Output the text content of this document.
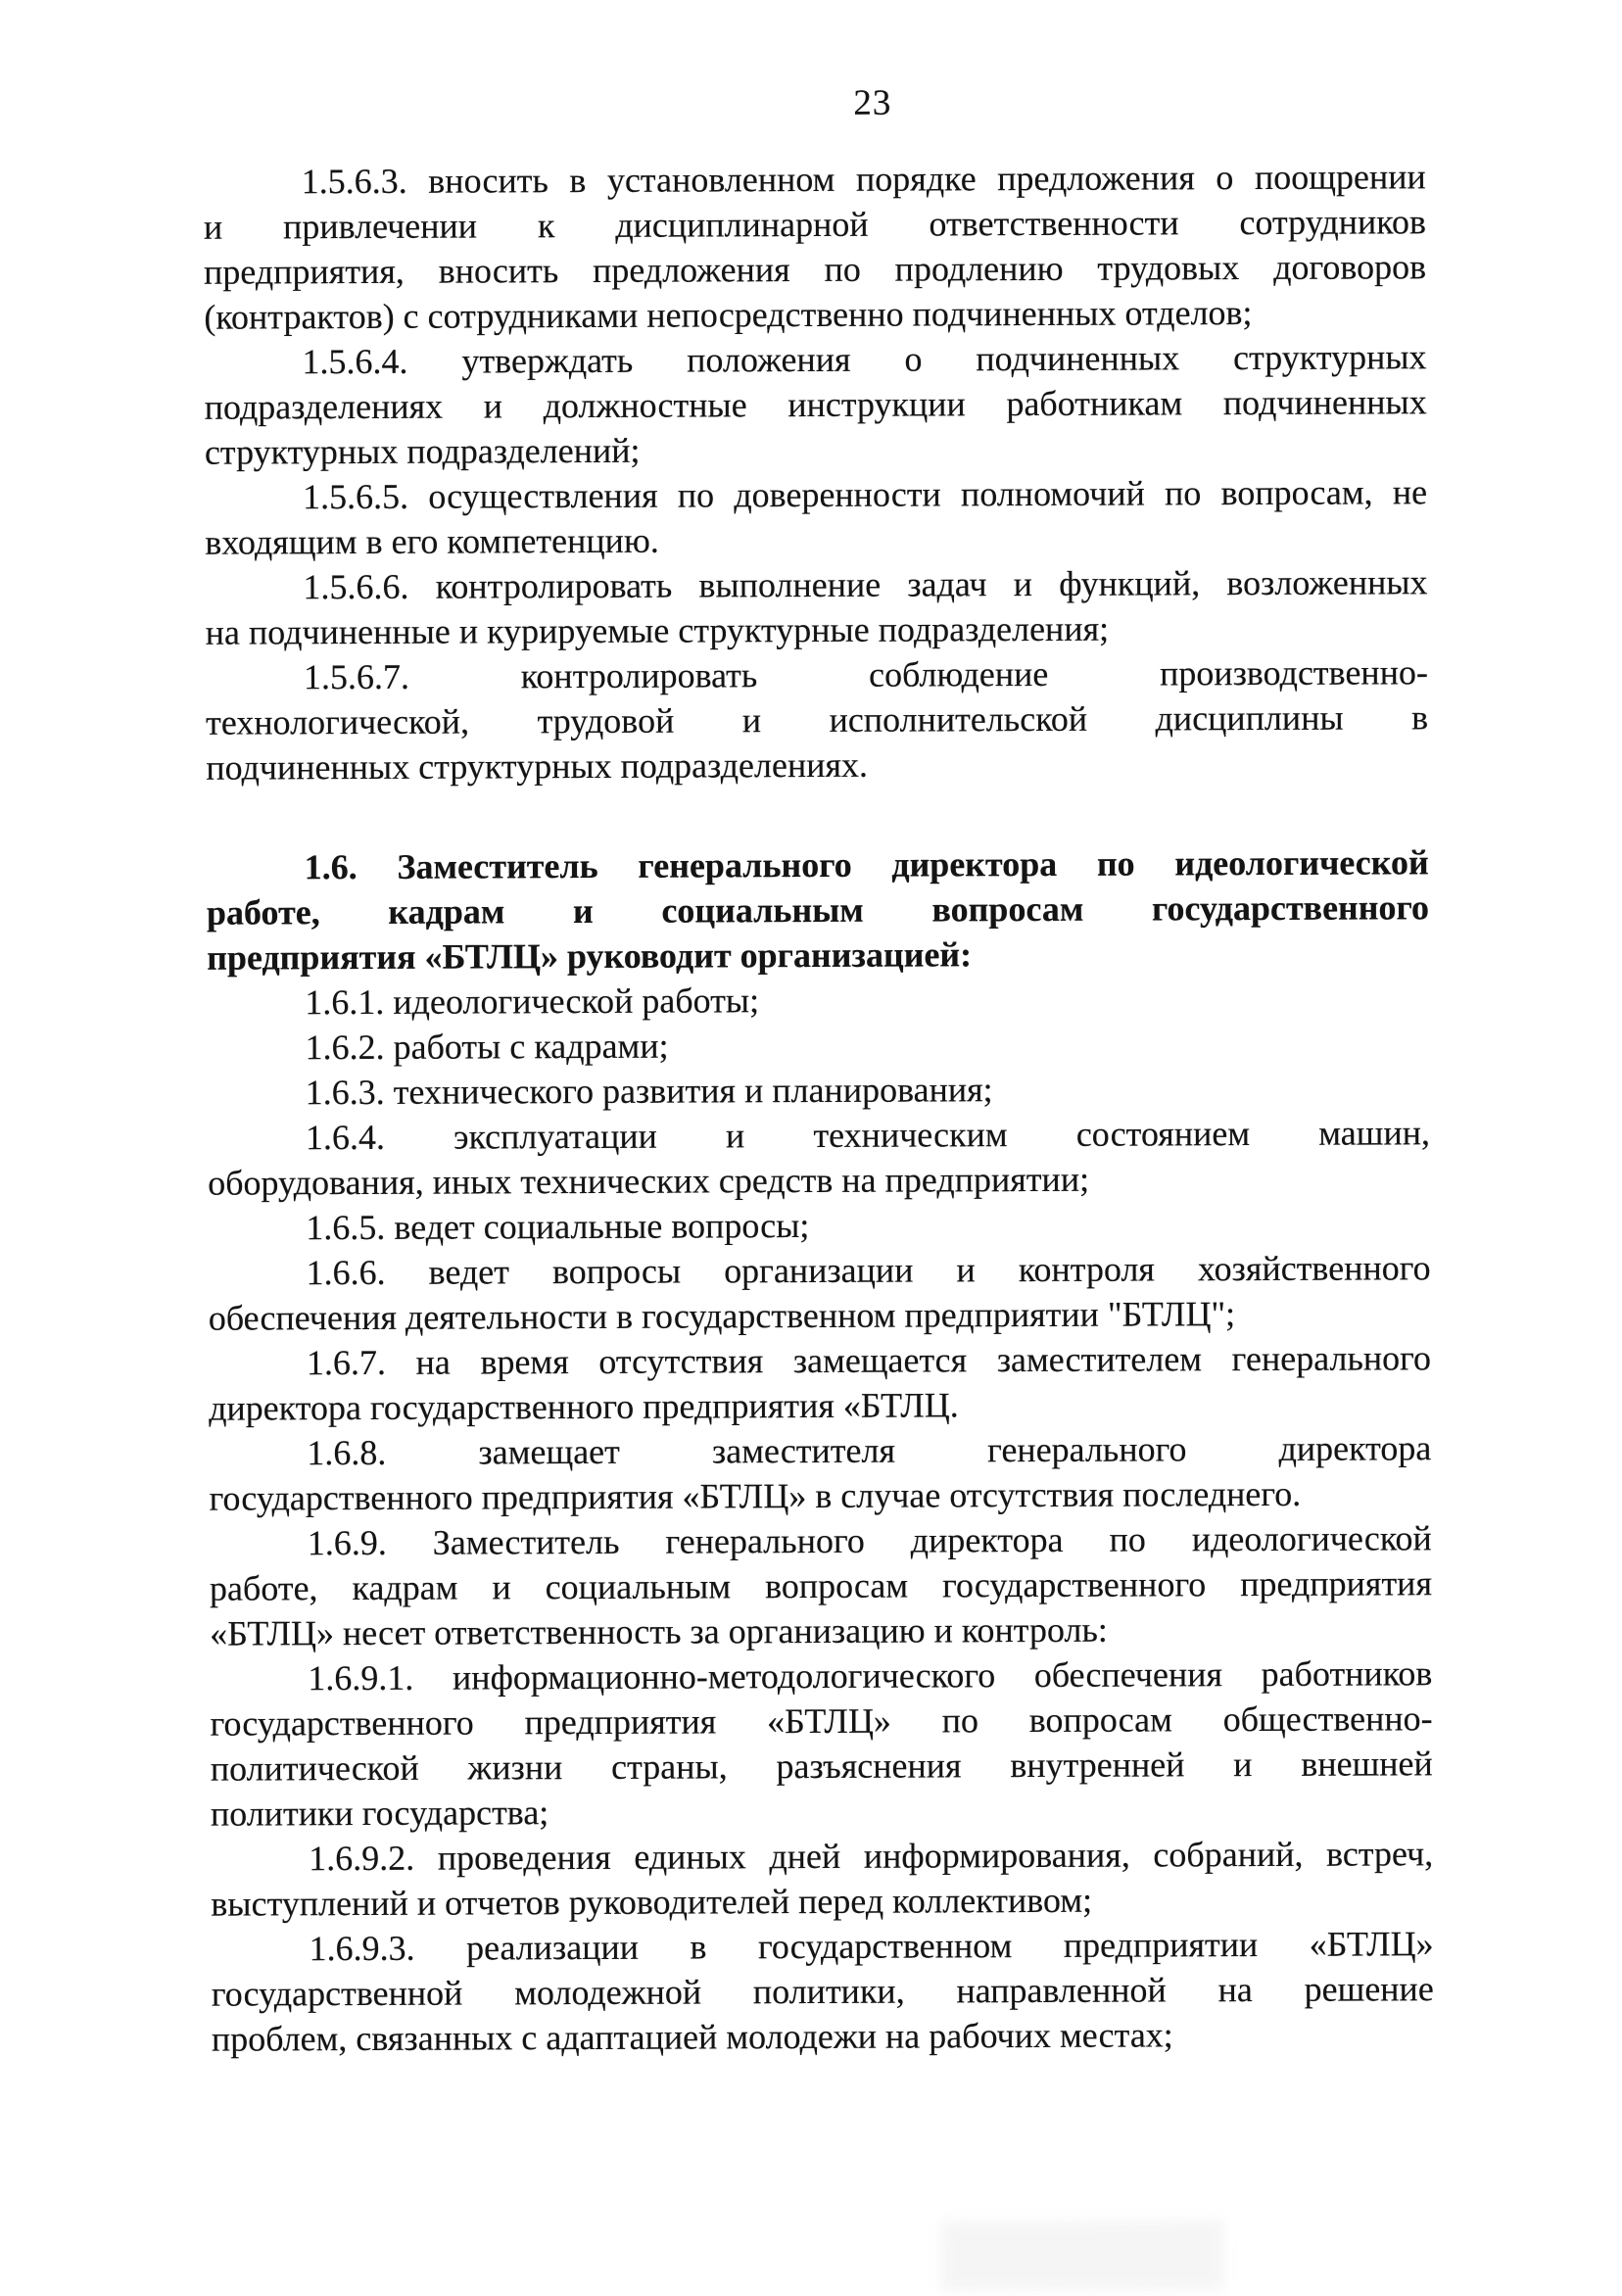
23
1.5.6.3. вносить в установленном порядке предложения о поощрении
и привлечении к дисциплинарной ответственности сотрудников
предприятия, вносить предложения по продлению трудовых договоров
(контрактов) с сотрудниками непосредственно подчиненных отделов;
1.5.6.4. утверждать положения о подчиненных структурных
подразделениях и должностные инструкции работникам подчиненных
структурных подразделений;
1.5.6.5. осуществления по доверенности полномочий по вопросам, не
входящим в его компетенцию.
1.5.6.6. контролировать выполнение задач и функций, возложенных
на подчиненные и курируемые структурные подразделения;
1.5.6.7. контролировать соблюдение производственно-
технологической, трудовой и исполнительской дисциплины в
подчиненных структурных подразделениях.
1.6. Заместитель генерального директора по идеологической
работе, кадрам и социальным вопросам государственного
предприятия «БТЛЦ» руководит организацией:
1.6.1. идеологической работы;
1.6.2. работы с кадрами;
1.6.3. технического развития и планирования;
1.6.4. эксплуатации и техническим состоянием машин,
оборудования, иных технических средств на предприятии;
1.6.5. ведет социальные вопросы;
1.6.6. ведет вопросы организации и контроля хозяйственного
обеспечения деятельности в государственном предприятии "БТЛЦ";
1.6.7. на время отсутствия замещается заместителем генерального
директора государственного предприятия «БТЛЦ.
1.6.8. замещает заместителя генерального директора
государственного предприятия «БТЛЦ» в случае отсутствия последнего.
1.6.9. Заместитель генерального директора по идеологической
работе, кадрам и социальным вопросам государственного предприятия
«БТЛЦ» несет ответственность за организацию и контроль:
1.6.9.1. информационно-методологического обеспечения работников
государственного предприятия «БТЛЦ» по вопросам общественно-
политической жизни страны, разъяснения внутренней и внешней
политики государства;
1.6.9.2. проведения единых дней информирования, собраний, встреч,
выступлений и отчетов руководителей перед коллективом;
1.6.9.3. реализации в государственном предприятии «БТЛЦ»
государственной молодежной политики, направленной на решение
проблем, связанных с адаптацией молодежи на рабочих местах;
